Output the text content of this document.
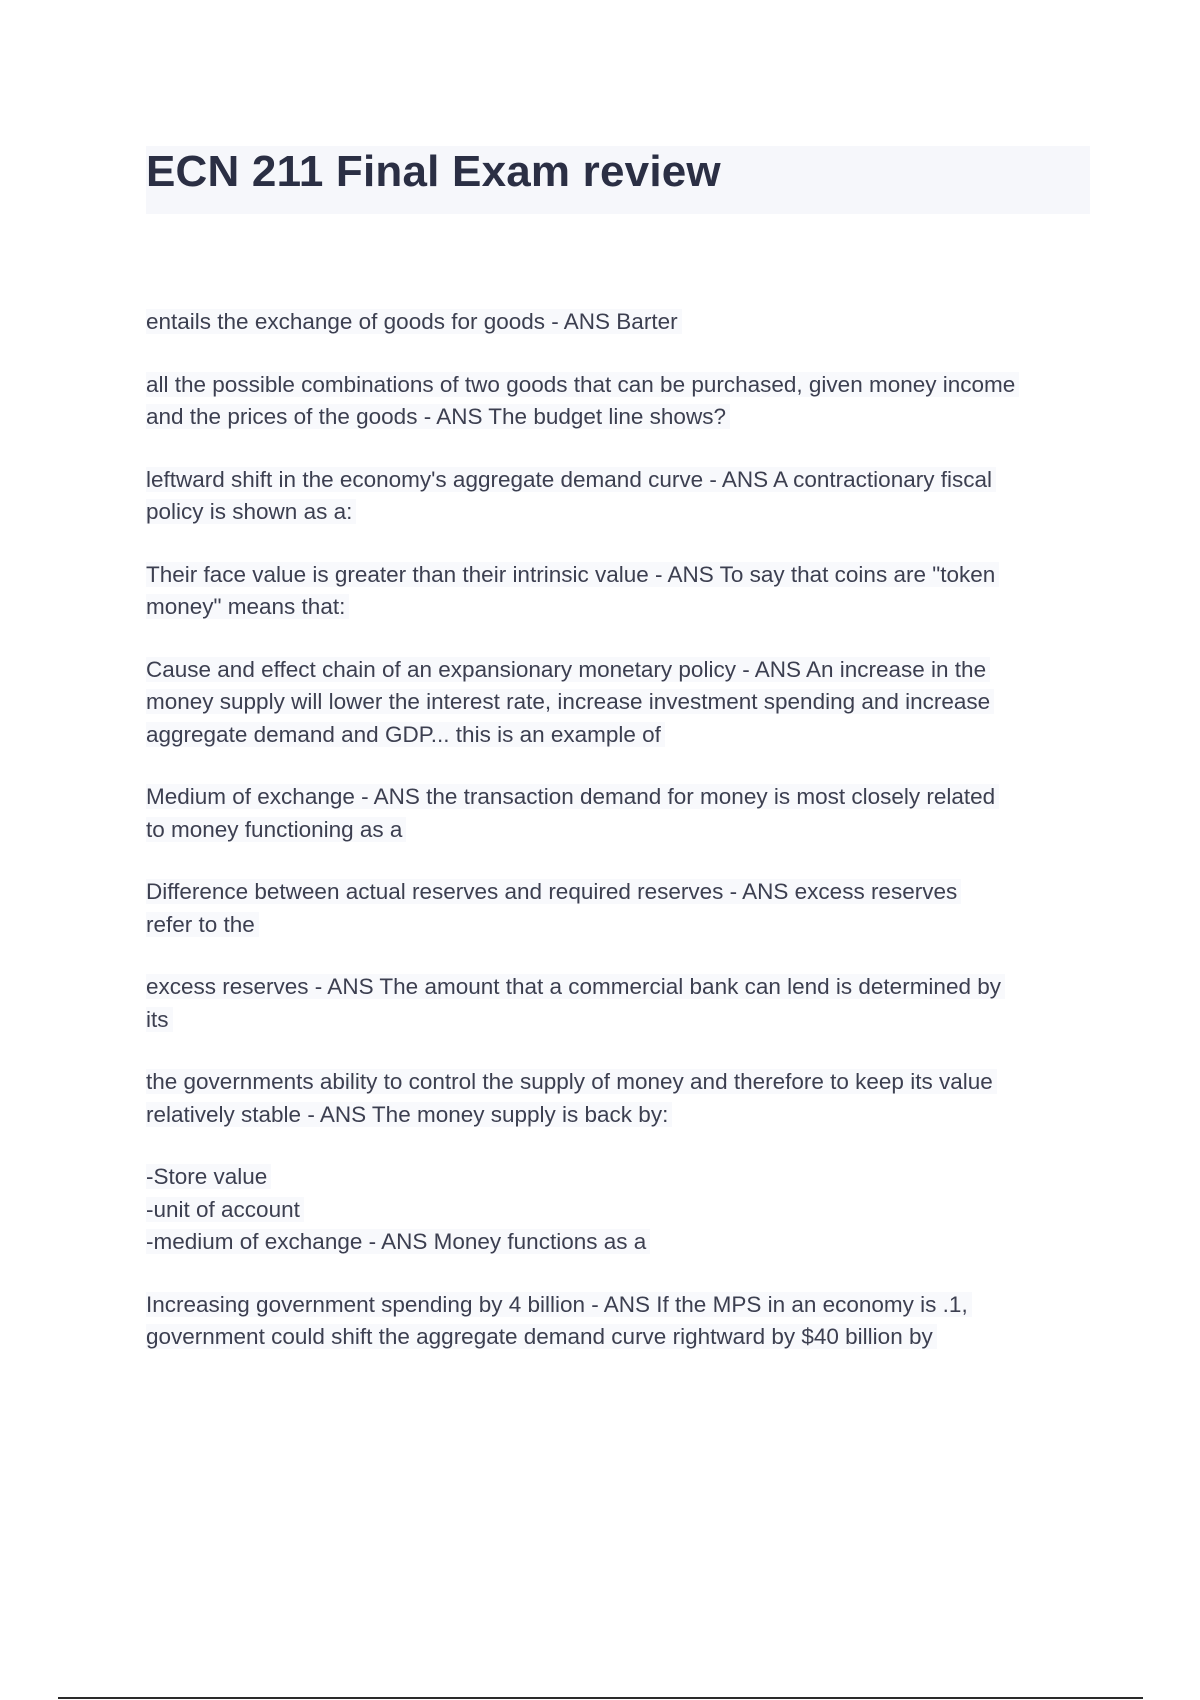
ECN 211 Final Exam review
entails the exchange of goods for goods - ANS Barter
all the possible combinations of two goods that can be purchased, given money income
and the prices of the goods - ANS The budget line shows?
leftward shift in the economy's aggregate demand curve - ANS A contractionary fiscal
policy is shown as a:
Their face value is greater than their intrinsic value - ANS To say that coins are "token
money" means that:
Cause and effect chain of an expansionary monetary policy - ANS An increase in the
money supply will lower the interest rate, increase investment spending and increase
aggregate demand and GDP... this is an example of
Medium of exchange - ANS the transaction demand for money is most closely related
to money functioning as a
Difference between actual reserves and required reserves - ANS excess reserves
refer to the
excess reserves - ANS The amount that a commercial bank can lend is determined by
its
the governments ability to control the supply of money and therefore to keep its value
relatively stable - ANS The money supply is back by:
-Store value
-unit of account
-medium of exchange - ANS Money functions as a
Increasing government spending by 4 billion - ANS If the MPS in an economy is .1,
government could shift the aggregate demand curve rightward by $40 billion by
